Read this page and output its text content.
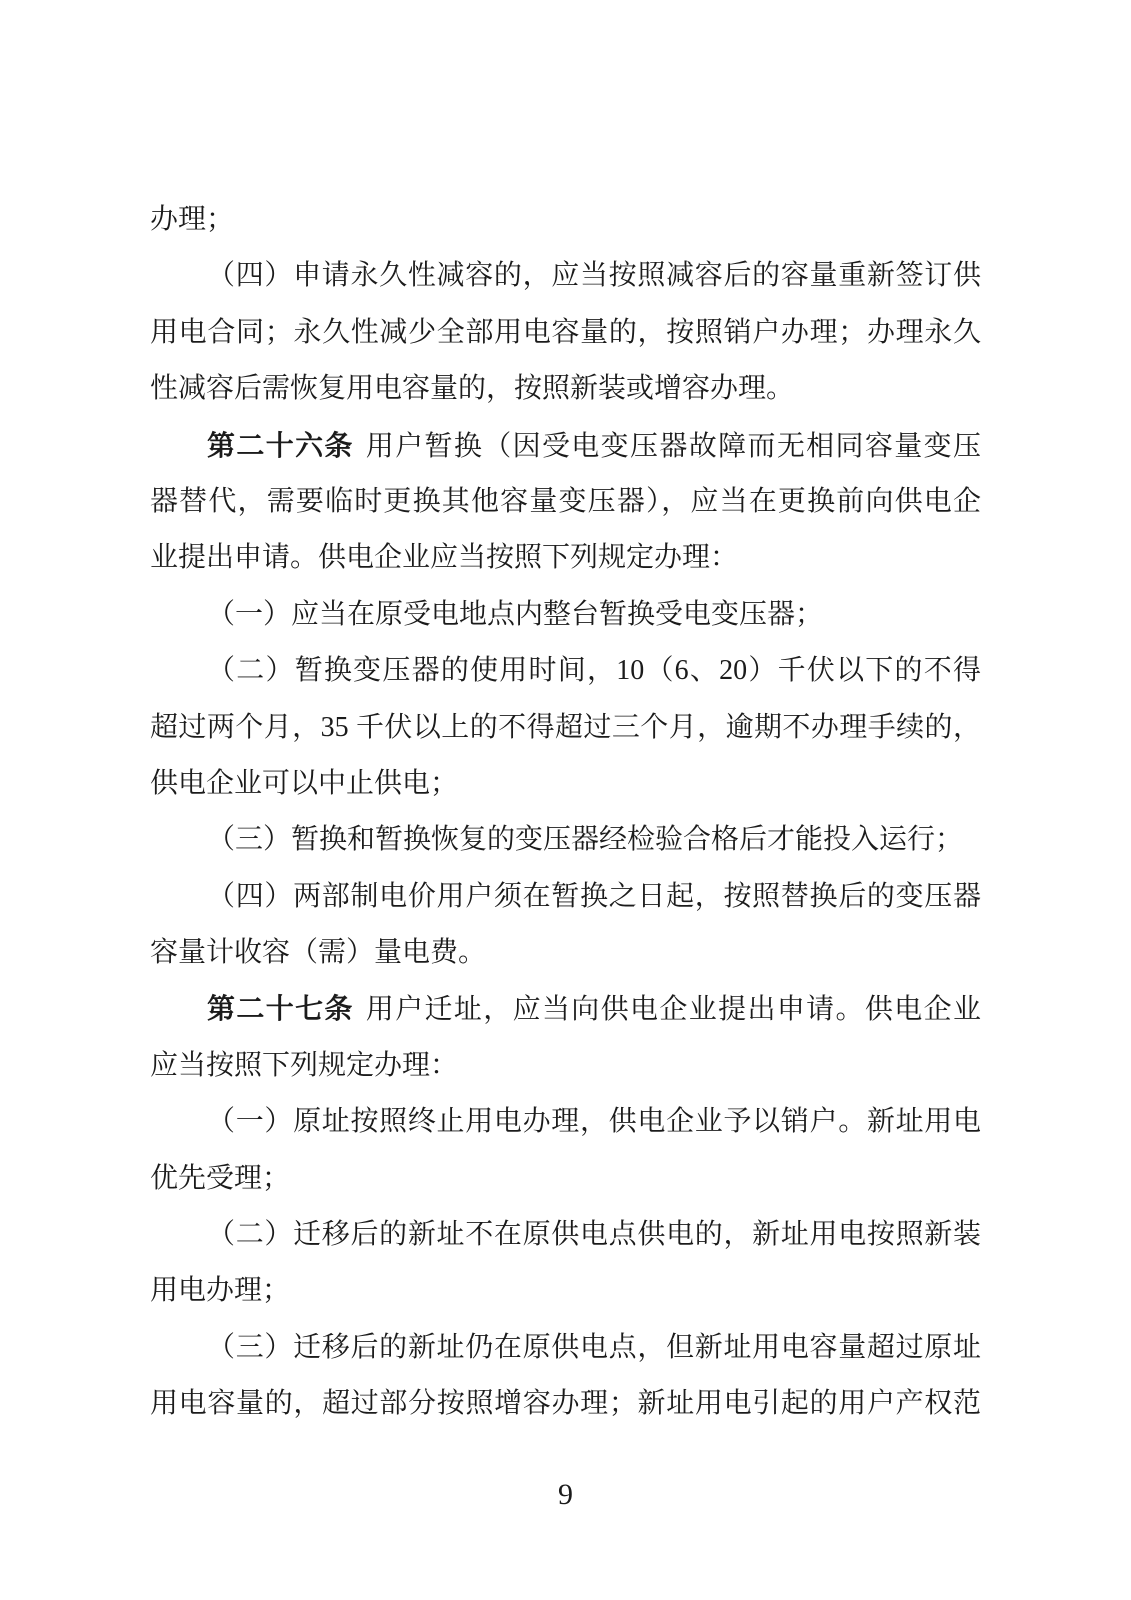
办理；
（四）申请永久性减容的，应当按照减容后的容量重新签订供
用电合同；永久性减少全部用电容量的，按照销户办理；办理永久
性减容后需恢复用电容量的，按照新装或增容办理。
第二十六条 用户暂换（因受电变压器故障而无相同容量变压
器替代，需要临时更换其他容量变压器），应当在更换前向供电企
业提出申请。供电企业应当按照下列规定办理：
（一）应当在原受电地点内整台暂换受电变压器；
（二）暂换变压器的使用时间，10（6、20）千伏以下的不得
超过两个月，35 千伏以上的不得超过三个月，逾期不办理手续的，
供电企业可以中止供电；
（三）暂换和暂换恢复的变压器经检验合格后才能投入运行；
（四）两部制电价用户须在暂换之日起，按照替换后的变压器
容量计收容（需）量电费。
第二十七条 用户迁址，应当向供电企业提出申请。供电企业
应当按照下列规定办理：
（一）原址按照终止用电办理，供电企业予以销户。新址用电
优先受理；
（二）迁移后的新址不在原供电点供电的，新址用电按照新装
用电办理；
（三）迁移后的新址仍在原供电点，但新址用电容量超过原址
用电容量的，超过部分按照增容办理；新址用电引起的用户产权范
9
